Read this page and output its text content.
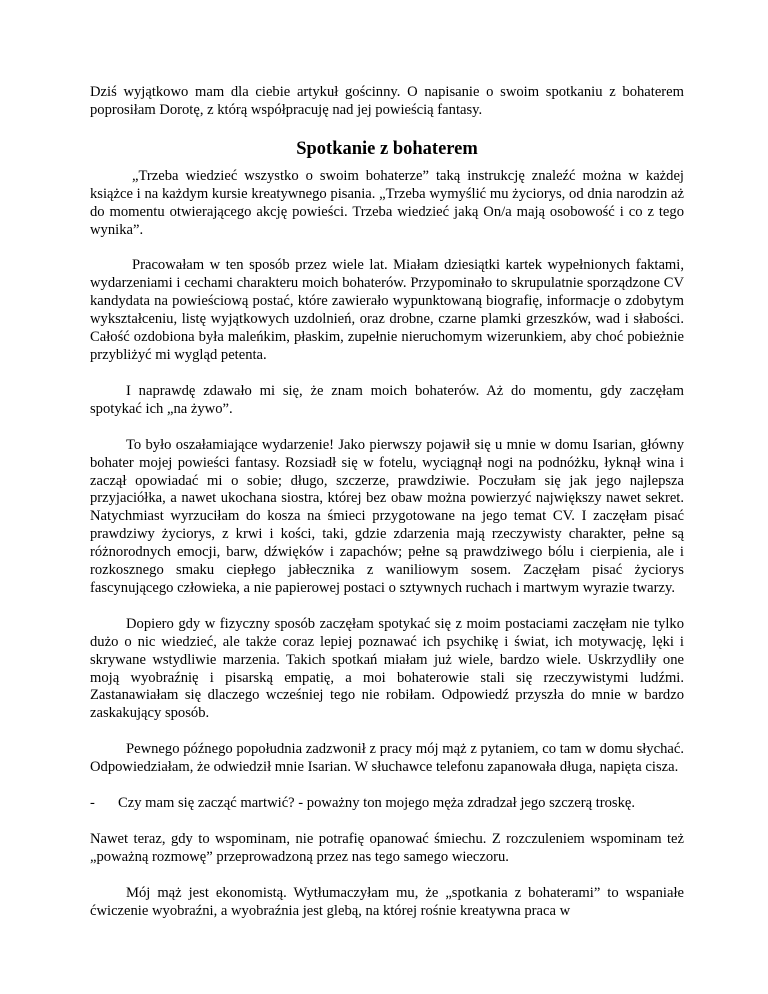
Dziś wyjątkowo mam dla ciebie artykuł gościnny. O napisanie o swoim spotkaniu z bohaterem poprosiłam Dorotę, z którą współpracuję nad jej powieścią fantasy.

Spotkanie z bohaterem

„Trzeba wiedzieć wszystko o swoim bohaterze” taką instrukcję znaleźć można w każdej książce i na każdym kursie kreatywnego pisania. „Trzeba wymyślić mu życiorys, od dnia narodzin aż do momentu otwierającego akcję powieści. Trzeba wiedzieć jaką On/a mają osobowość i co z tego wynika”.

Pracowałam w ten sposób przez wiele lat. Miałam dziesiątki kartek wypełnionych faktami, wydarzeniami i cechami charakteru moich bohaterów. Przypominało to skrupulatnie sporządzone CV kandydata na powieściową postać, które zawierało wypunktowaną biografię, informacje o zdobytym wykształceniu, listę wyjątkowych uzdolnień, oraz drobne, czarne plamki grzeszków, wad i słabości. Całość ozdobiona była maleńkim, płaskim, zupełnie nieruchomym wizerunkiem, aby choć pobieżnie przybliżyć mi wygląd petenta.

I naprawdę zdawało mi się, że znam moich bohaterów. Aż do momentu, gdy zaczęłam spotykać ich „na żywo”.

To było oszałamiające wydarzenie! Jako pierwszy pojawił się u mnie w domu Isarian, główny bohater mojej powieści fantasy. Rozsiadł się w fotelu, wyciągnął nogi na podnóżku, łyknął wina i zaczął opowiadać mi o sobie; długo, szczerze, prawdziwie. Poczułam się jak jego najlepsza przyjaciółka, a nawet ukochana siostra, której bez obaw można powierzyć największy nawet sekret.          Natychmiast wyrzuciłam do kosza na śmieci przygotowane na jego temat CV. I zaczęłam pisać prawdziwy życiorys, z krwi i kości, taki, gdzie zdarzenia mają rzeczywisty charakter, pełne są różnorodnych emocji, barw, dźwięków i zapachów; pełne są prawdziwego bólu i cierpienia, ale i rozkosznego smaku ciepłego jabłecznika z waniliowym sosem. Zaczęłam pisać życiorys fascynującego człowieka, a nie papierowej postaci o sztywnych ruchach i martwym wyrazie twarzy.

Dopiero gdy w fizyczny sposób zaczęłam spotykać się z moim postaciami zaczęłam nie tylko dużo o nic wiedzieć, ale także coraz lepiej poznawać ich psychikę i świat, ich motywację, lęki i skrywane wstydliwie marzenia. Takich spotkań miałam już wiele, bardzo wiele. Uskrzydliły one moją wyobraźnię i pisarską empatię, a moi bohaterowie stali się rzeczywistymi ludźmi. Zastanawiałam się dlaczego wcześniej tego nie robiłam. Odpowiedź przyszła do mnie w bardzo zaskakujący sposób.

Pewnego późnego popołudnia zadzwonił z pracy mój mąż z pytaniem, co tam w domu słychać. Odpowiedziałam, że odwiedził mnie Isarian. W słuchawce telefonu zapanowała długa, napięta cisza.

-	Czy mam się zacząć martwić? - poważny ton mojego męża zdradzał jego szczerą troskę.

Nawet teraz, gdy to wspominam, nie potrafię opanować śmiechu. Z rozczuleniem wspominam też „poważną rozmowę” przeprowadzoną przez nas tego samego wieczoru.

Mój mąż jest ekonomistą. Wytłumaczyłam mu, że „spotkania z bohaterami” to wspaniałe ćwiczenie wyobraźni, a wyobraźnia jest glebą, na której rośnie kreatywna praca w
